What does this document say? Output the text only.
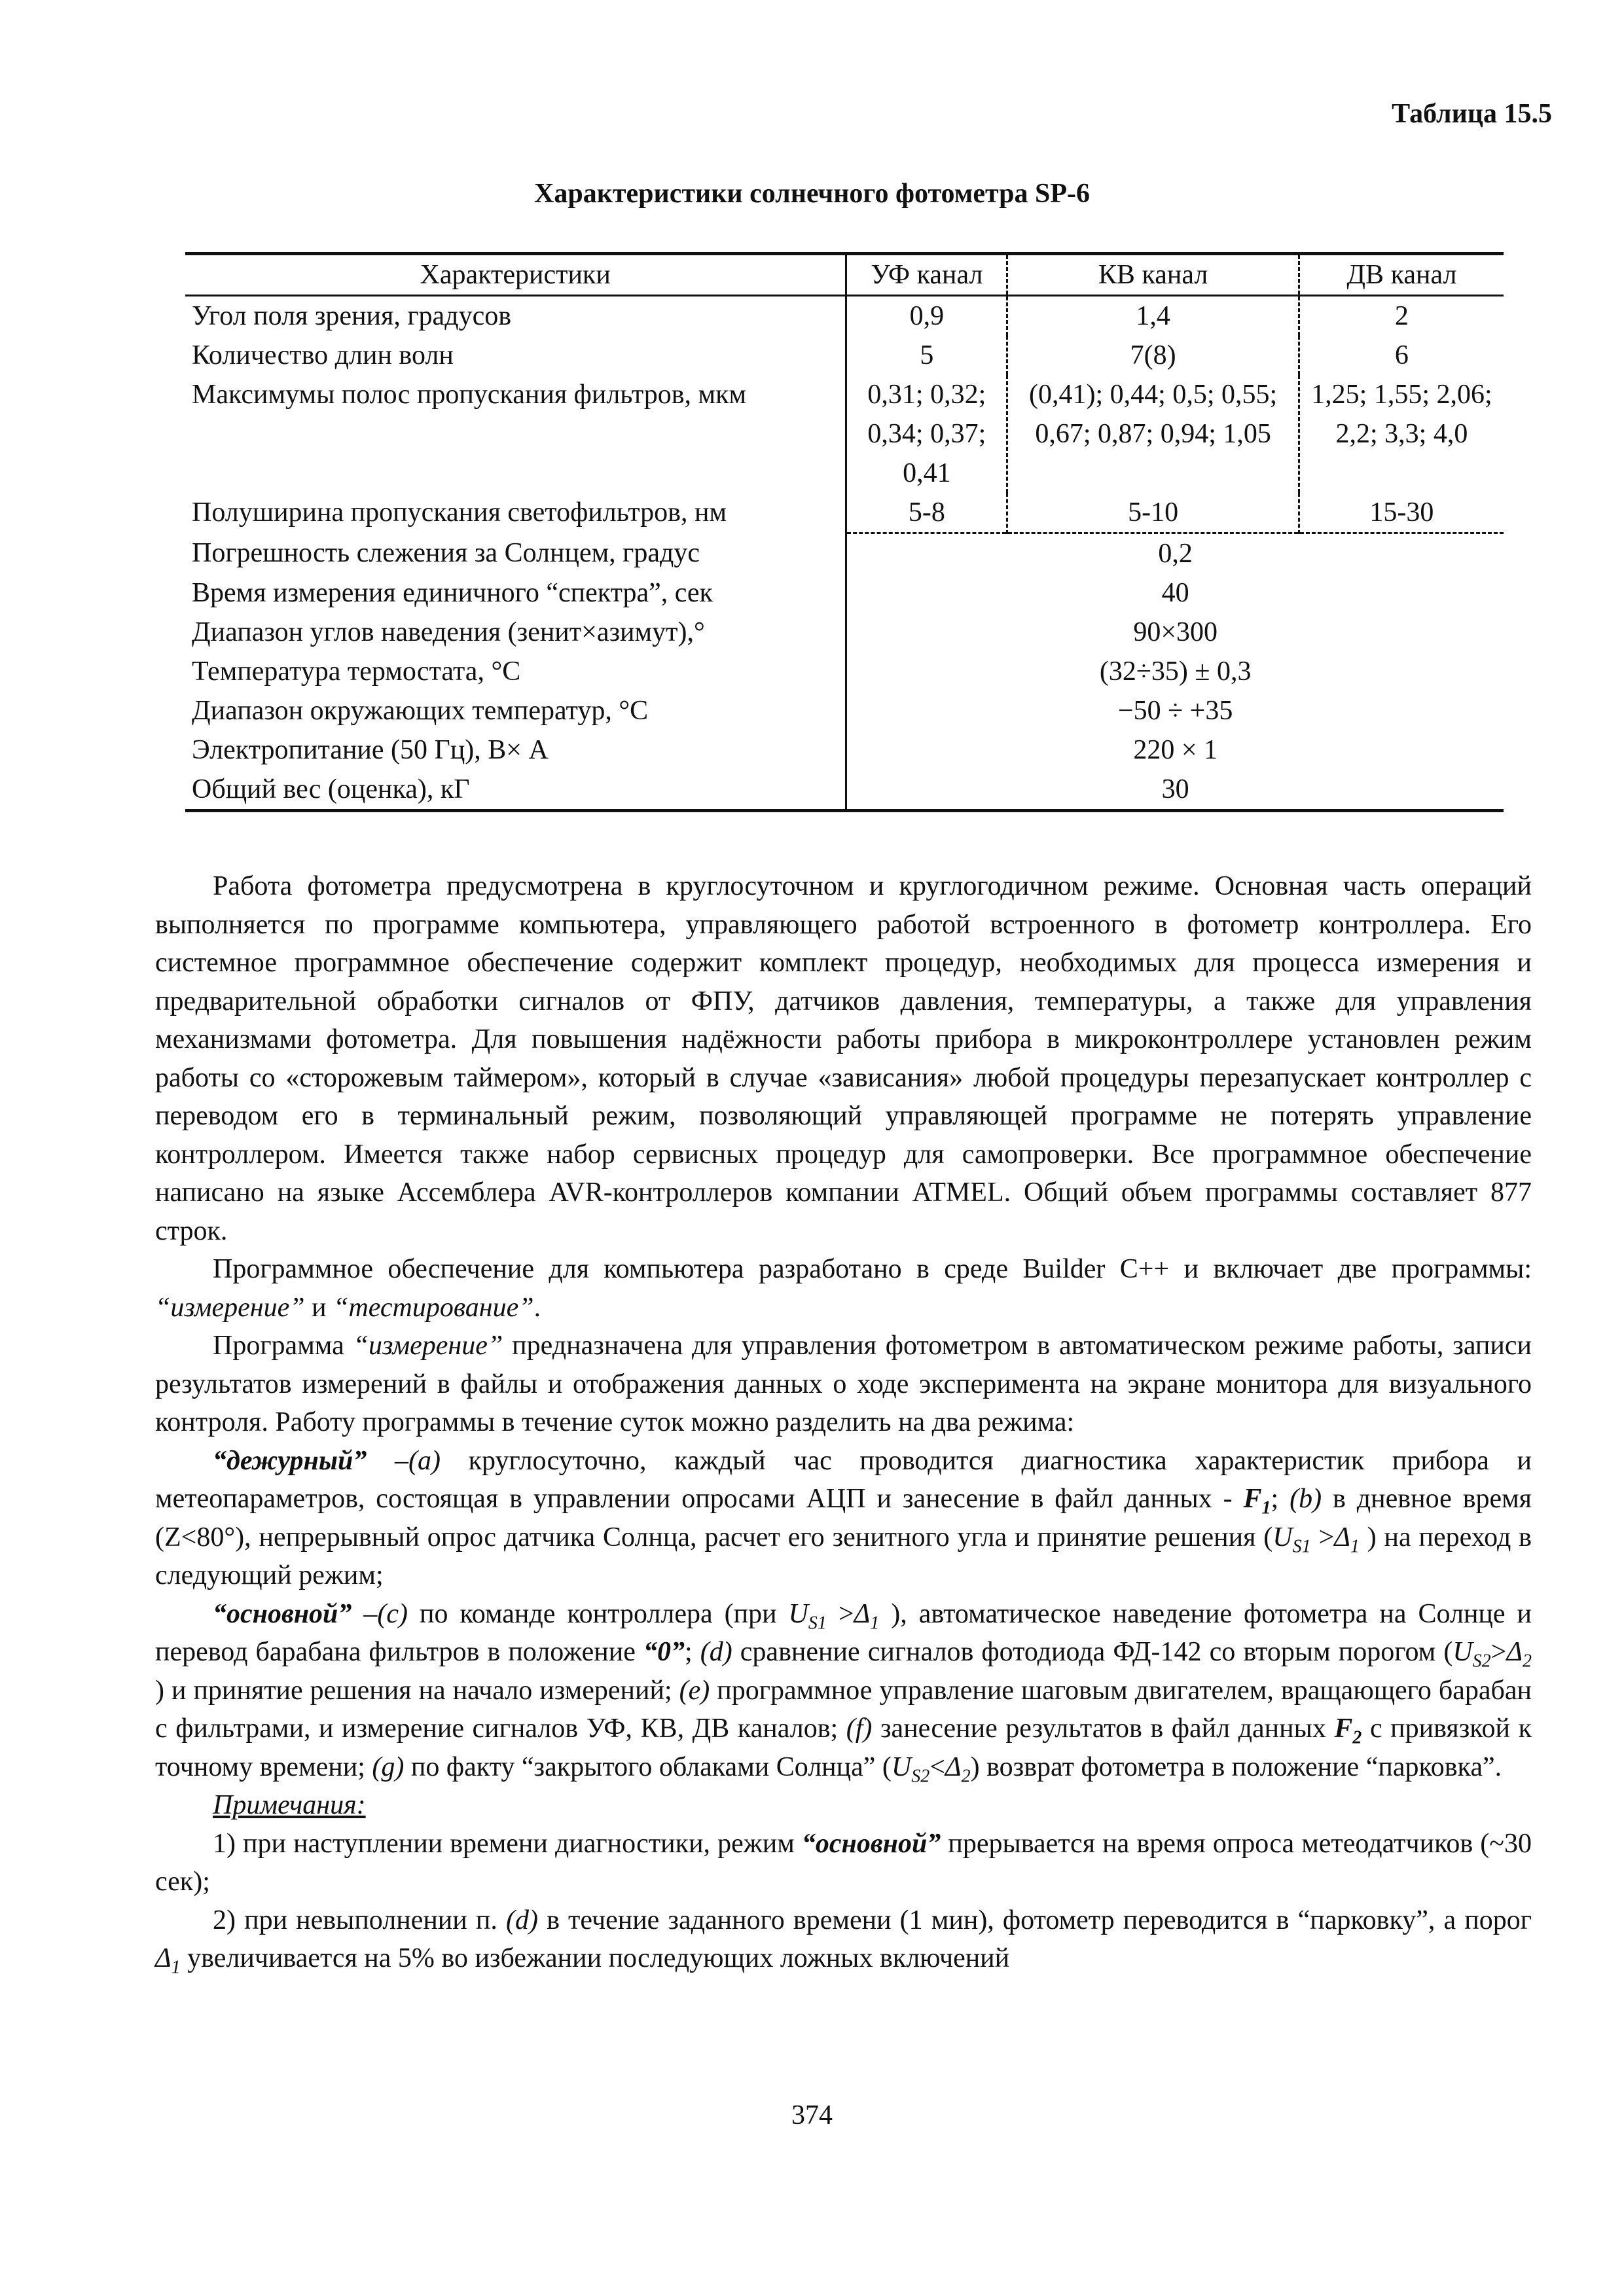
Таблица 15.5
Характеристики солнечного фотометра SP-6
Характеристики	УФ канал	КВ канал	ДВ канал
Угол поля зрения, градусов	0,9	1,4	2
Количество длин волн	5	7(8)	6
Максимумы полос пропускания фильтров, мкм	0,31; 0,32; 0,34; 0,37; 0,41	(0,41); 0,44; 0,5; 0,55; 0,67; 0,87; 0,94; 1,05	1,25; 1,55; 2,06; 2,2; 3,3; 4,0
Полуширина пропускания светофильтров, нм	5-8	5-10	15-30
Погрешность слежения за Солнцем, градус	0,2		
Время измерения единичного “спектра”, сек	40		
Диапазон углов наведения (зенит×азимут),°	90×300		
Температура термостата, °С	(32÷35) ± 0,3		
Диапазон окружающих температур, °С	−50 ÷ +35		
Электропитание (50 Гц), В× А	220 × 1		
Общий вес (оценка), кГ	30		

Работа фотометра предусмотрена в круглосуточном и круглогодичном режиме. Основная часть операций выполняется по программе компьютера, управляющего работой встроенного в фотометр контроллера. Его системное программное обеспечение содержит комплект процедур, необходимых для процесса измерения и предварительной обработки сигналов от ФПУ, датчиков давления, температуры, а также для управления механизмами фотометра. Для повышения надёжности работы прибора в микроконтроллере установлен режим работы со «сторожевым таймером», который в случае «зависания» любой процедуры перезапускает контроллер с переводом его в терминальный режим, позволяющий управляющей программе не потерять управление контроллером. Имеется также набор сервисных процедур для самопроверки. Все программное обеспечение написано на языке Ассемблера AVR-контроллеров компании ATMEL. Общий объем программы составляет 877 строк.

Программное обеспечение для компьютера разработано в среде Builder C++ и включает две программы: “измерение” и “тестирование”.

Программа “измерение” предназначена для управления фотометром в автоматическом режиме работы, записи результатов измерений в файлы и отображения данных о ходе эксперимента на экране монитора для визуального контроля. Работу программы в течение суток можно разделить на два режима:

“дежурный” –(a) круглосуточно, каждый час проводится диагностика характеристик прибора и метеопараметров, состоящая в управлении опросами АЦП и занесение в файл данных - $F_1$; (b) в дневное время (Z<80°), непрерывный опрос датчика Солнца, расчет его зенитного угла и принятие решения ($U_{S1} >\Delta_1$ ) на переход в следующий режим;

“основной” –(c) по команде контроллера (при $U_{S1} >\Delta_1$ ), автоматическое наведение фотометра на Солнце и перевод барабана фильтров в положение “0”; (d) сравнение сигналов фотодиода ФД-142 со вторым порогом ($U_{S2}>\Delta_2$ ) и принятие решения на начало измерений; (e) программное управление шаговым двигателем, вращающего барабан с фильтрами, и измерение сигналов УФ, КВ, ДВ каналов; (f) занесение результатов в файл данных $F_2$ с привязкой к точному времени; (g) по факту “закрытого облаками Солнца” $(U_{S2}<\Delta_2)$ возврат фотометра в положение “парковка”.

Примечания:

1) при наступлении времени диагностики, режим “основной” прерывается на время опроса метеодатчиков (~30 сек);

2) при невыполнении п. (d) в течение заданного времени (1 мин), фотометр переводится в “парковку”, а порог $\Delta_1$ увеличивается на 5% во избежании последующих ложных включений

374
